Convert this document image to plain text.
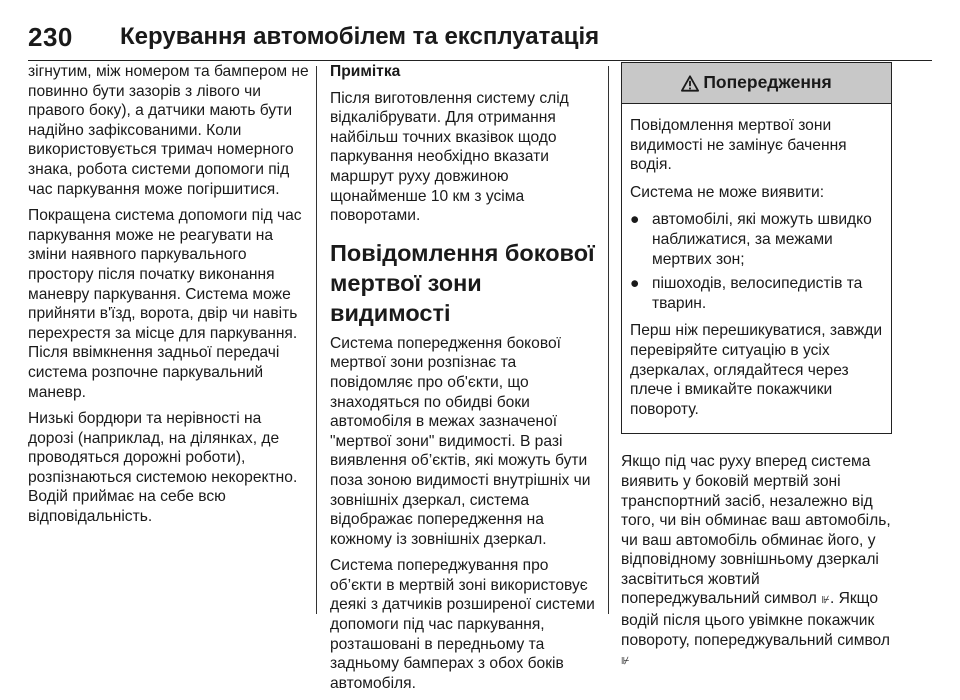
230 Керування автомобілем та експлуатація

зігнутим, між номером та бампером не повинно бути зазорів з лівого чи правого боку), а датчики мають бути надійно зафіксованими. Коли використовується тримач номерного знака, робота системи допомоги під час паркування може погіршитися.

Покращена система допомоги під час паркування може не реагувати на зміни наявного паркувального простору після початку виконання маневру паркування. Система може прийняти в'їзд, ворота, двір чи навіть перехрестя за місце для паркування. Після ввімкнення задньої передачі система розпочне паркувальний маневр.

Низькі бордюри та нерівності на дорозі (наприклад, на ділянках, де проводяться дорожні роботи), розпізнаються системою некоректно. Водій приймає на себе всю відповідальність.

Примітка

Після виготовлення систему слід відкалібрувати. Для отримання найбільш точних вказівок щодо паркування необхідно вказати маршрут руху довжиною щонайменше 10 км з усіма поворотами.

Повідомлення бокової мертвої зони видимості

Система попередження бокової мертвої зони розпізнає та повідомляє про об'єкти, що знаходяться по обидві боки автомобіля в межах зазначеної "мертвої зони" видимості. В разі виявлення об’єктів, які можуть бути поза зоною видимості внутрішніх чи зовнішніх дзеркал, система відображає попередження на кожному із зовнішніх дзеркал.

Система попереджування про об’єкти в мертвій зоні використовує деякі з датчиків розширеної системи допомоги під час паркування, розташовані в передньому та задньому бамперах з обох боків автомобіля.

Попередження

Повідомлення мертвої зони видимості не замінує бачення водія.

Система не може виявити:

● автомобілі, які можуть швидко наближатися, за межами мертвих зон;
● пішоходів, велосипедистів та тварин.

Перш ніж перешикуватися, завжди перевіряйте ситуацію в усіх дзеркалах, оглядайтеся через плече і вмикайте покажчики повороту.

Якщо під час руху вперед система виявить у боковій мертвій зоні транспортний засіб, незалежно від того, чи він обминає ваш автомобіль, чи ваш автомобіль обминає його, у відповідному зовнішньому дзеркалі засвітиться жовтий попереджувальний символ ⊮. Якщо водій після цього увімкне покажчик повороту, попереджувальний символ ⊮
